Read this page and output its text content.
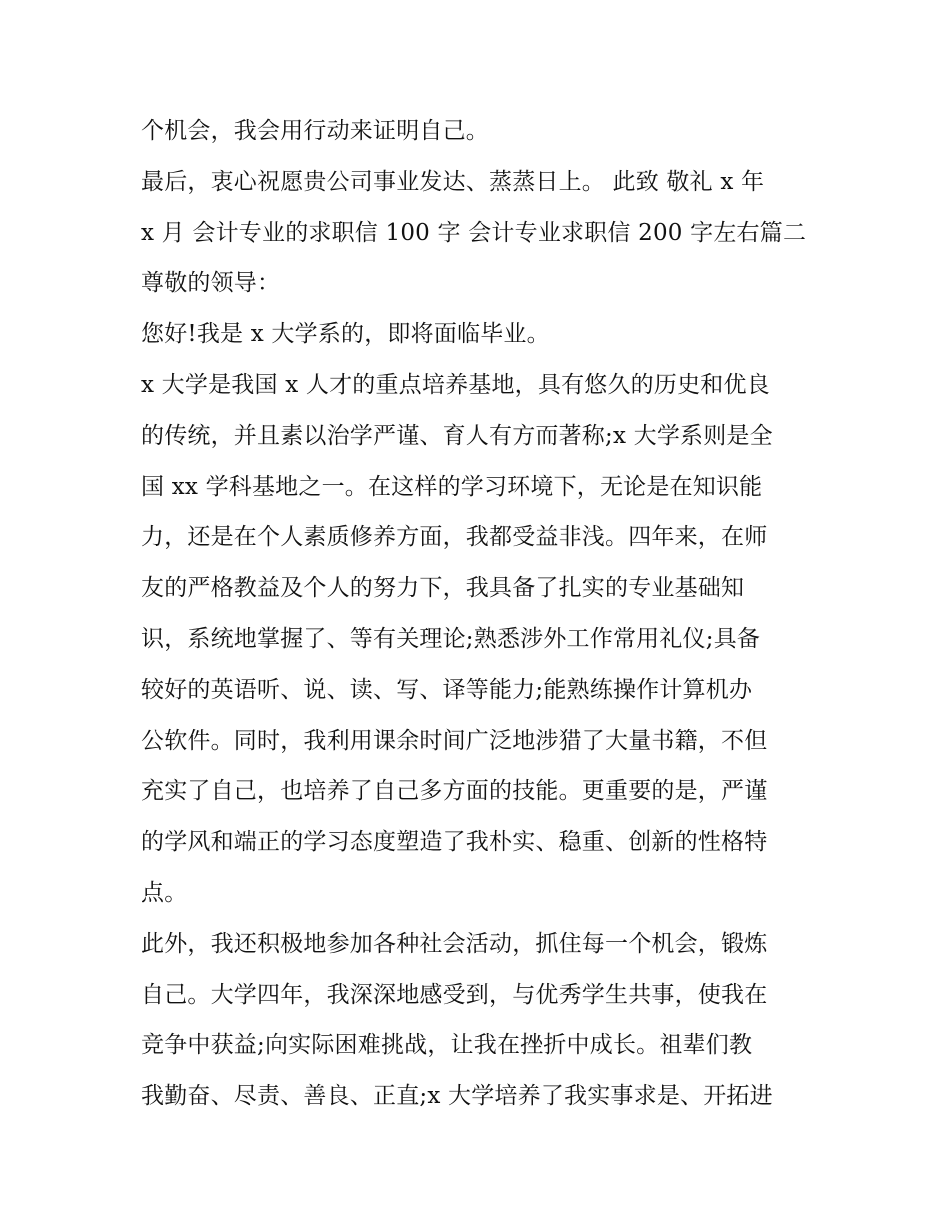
个机会，我会用行动来证明自己。
最后，衷心祝愿贵公司事业发达、蒸蒸日上。 此致 敬礼 x 年
x 月 会计专业的求职信 100 字 会计专业求职信 200 字左右篇二
尊敬的领导：
您好!我是 x 大学系的，即将面临毕业。
x 大学是我国 x 人才的重点培养基地，具有悠久的历史和优良
的传统，并且素以治学严谨、育人有方而著称;x 大学系则是全
国 xx 学科基地之一。在这样的学习环境下，无论是在知识能
力，还是在个人素质修养方面，我都受益非浅。四年来，在师
友的严格教益及个人的努力下，我具备了扎实的专业基础知
识，系统地掌握了、等有关理论;熟悉涉外工作常用礼仪;具备
较好的英语听、说、读、写、译等能力;能熟练操作计算机办
公软件。同时，我利用课余时间广泛地涉猎了大量书籍，不但
充实了自己，也培养了自己多方面的技能。更重要的是，严谨
的学风和端正的学习态度塑造了我朴实、稳重、创新的性格特
点。
此外，我还积极地参加各种社会活动，抓住每一个机会，锻炼
自己。大学四年，我深深地感受到，与优秀学生共事，使我在
竞争中获益;向实际困难挑战，让我在挫折中成长。祖辈们教
我勤奋、尽责、善良、正直;x 大学培养了我实事求是、开拓进
